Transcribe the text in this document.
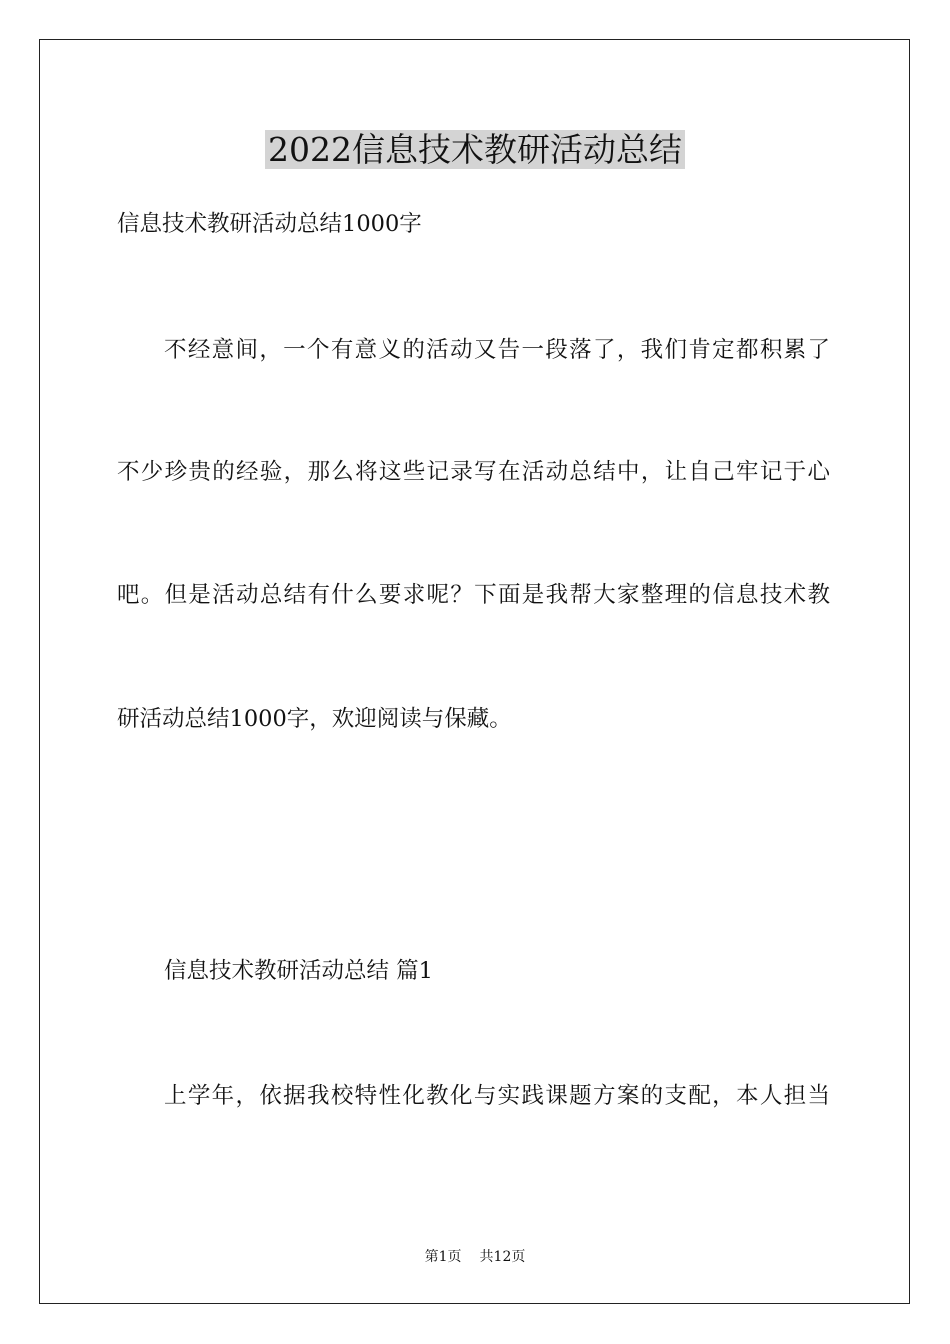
2022信息技术教研活动总结
信息技术教研活动总结1000字
不经意间，一个有意义的活动又告一段落了，我们肯定都积累了
不少珍贵的经验，那么将这些记录写在活动总结中，让自己牢记于心
吧。但是活动总结有什么要求呢？下面是我帮大家整理的信息技术教
研活动总结1000字，欢迎阅读与保藏。
信息技术教研活动总结 篇1
上学年，依据我校特性化教化与实践课题方案的支配，本人担当
第1页 共12页
